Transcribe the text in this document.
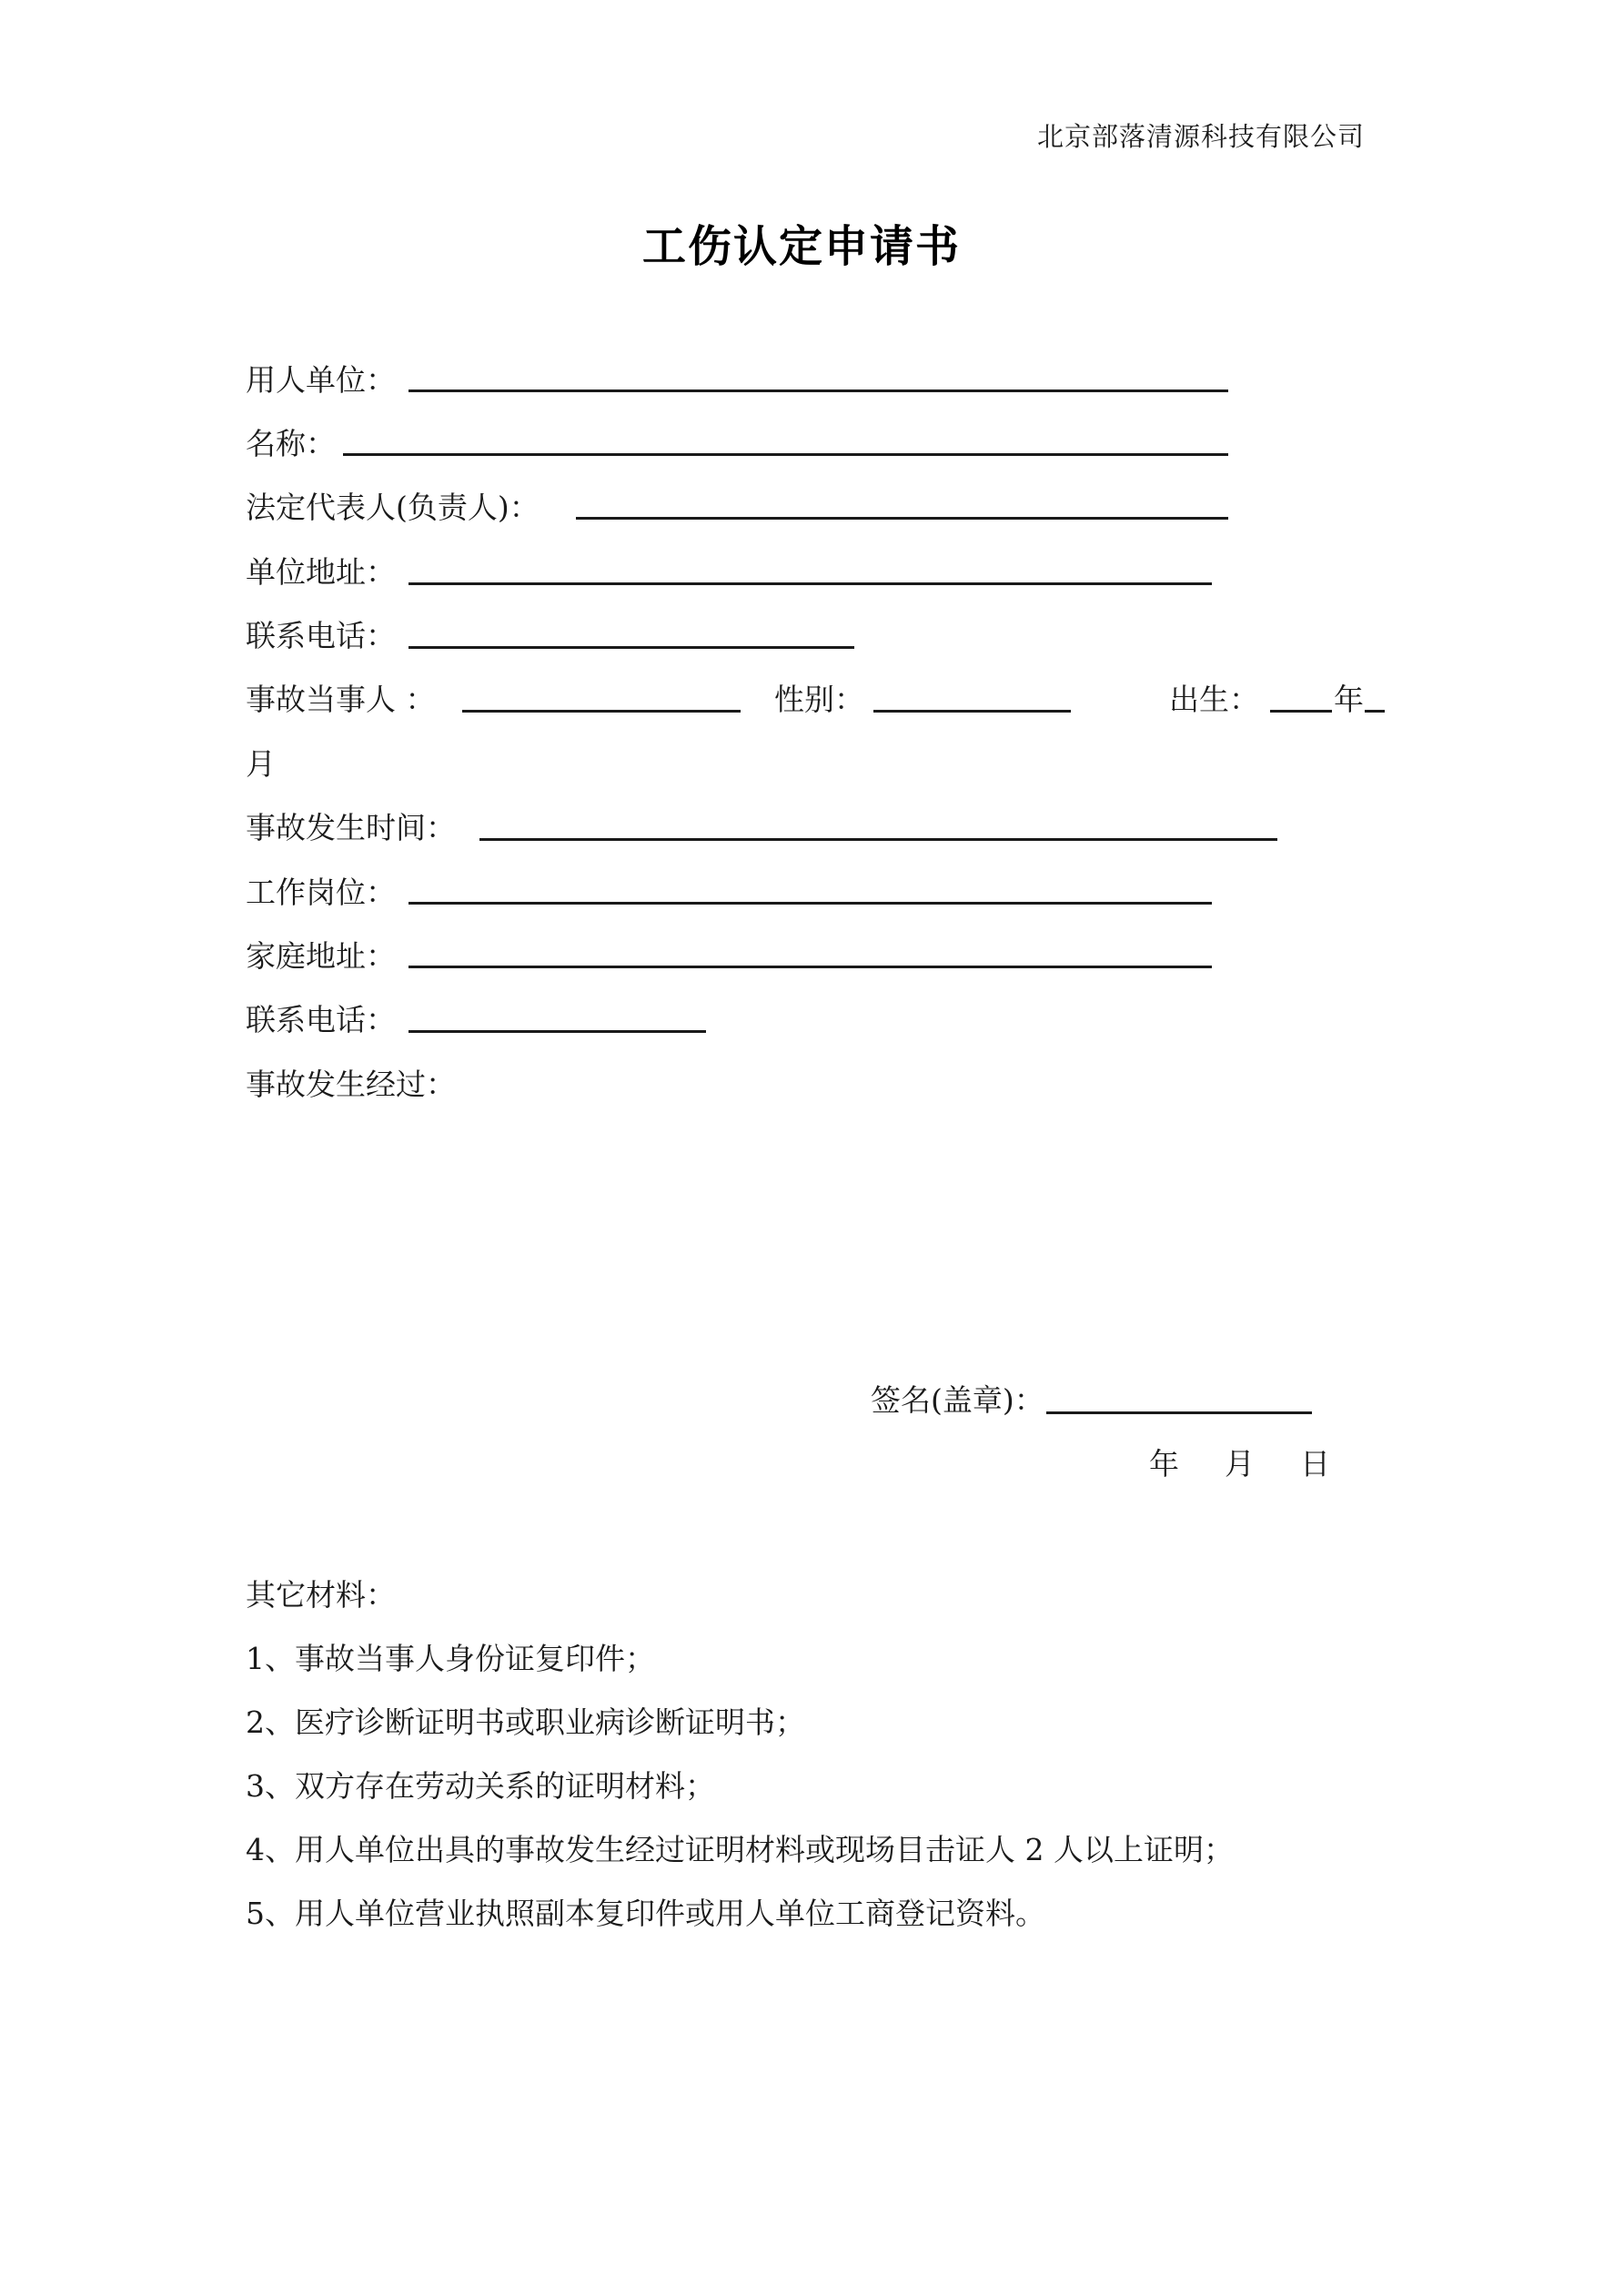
北京部落清源科技有限公司
工伤认定申请书
用人单位：
名称：
法定代表人(负责人)：
单位地址：
联系电话：
事故当事人 ：	性别：	出生： 年
月
事故发生时间：
工作岗位：
家庭地址：
联系电话：
事故发生经过：
签名(盖章)：
年 月 日
其它材料：
1、事故当事人身份证复印件；
2、医疗诊断证明书或职业病诊断证明书；
3、双方存在劳动关系的证明材料；
4、用人单位出具的事故发生经过证明材料或现场目击证人 2 人以上证明；
5、用人单位营业执照副本复印件或用人单位工商登记资料。
